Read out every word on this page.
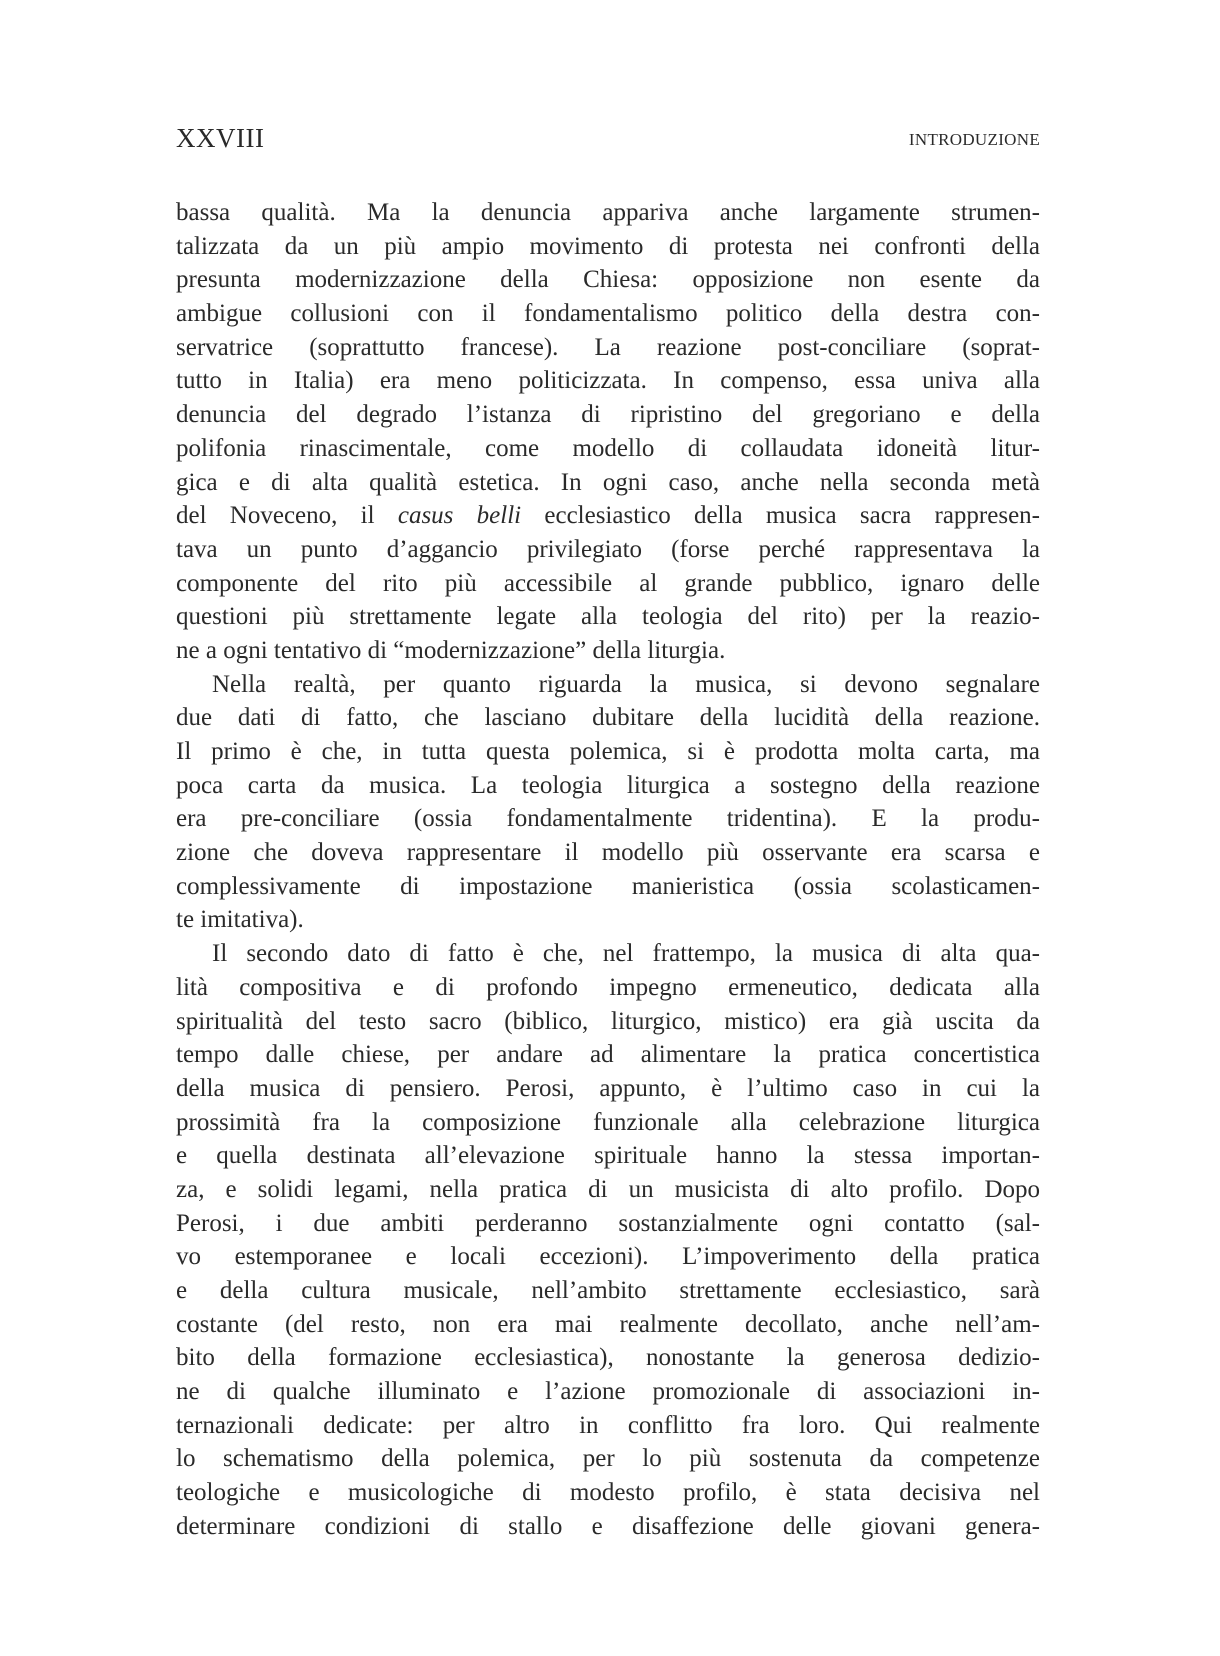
XXVIII	INTRODUZIONE
bassa qualità. Ma la denuncia appariva anche largamente strumen-
talizzata da un più ampio movimento di protesta nei confronti della
presunta modernizzazione della Chiesa: opposizione non esente da
ambigue collusioni con il fondamentalismo politico della destra con-
servatrice (soprattutto francese). La reazione post-conciliare (soprat-
tutto in Italia) era meno politicizzata. In compenso, essa univa alla
denuncia del degrado l’istanza di ripristino del gregoriano e della
polifonia rinascimentale, come modello di collaudata idoneità litur-
gica e di alta qualità estetica. In ogni caso, anche nella seconda metà
del Noveceno, il casus belli ecclesiastico della musica sacra rappresen-
tava un punto d’aggancio privilegiato (forse perché rappresentava la
componente del rito più accessibile al grande pubblico, ignaro delle
questioni più strettamente legate alla teologia del rito) per la reazio-
ne a ogni tentativo di “modernizzazione” della liturgia.
Nella realtà, per quanto riguarda la musica, si devono segnalare
due dati di fatto, che lasciano dubitare della lucidità della reazione.
Il primo è che, in tutta questa polemica, si è prodotta molta carta, ma
poca carta da musica. La teologia liturgica a sostegno della reazione
era pre-conciliare (ossia fondamentalmente tridentina). E la produ-
zione che doveva rappresentare il modello più osservante era scarsa e
complessivamente di impostazione manieristica (ossia scolasticamen-
te imitativa).
Il secondo dato di fatto è che, nel frattempo, la musica di alta qua-
lità compositiva e di profondo impegno ermeneutico, dedicata alla
spiritualità del testo sacro (biblico, liturgico, mistico) era già uscita da
tempo dalle chiese, per andare ad alimentare la pratica concertistica
della musica di pensiero. Perosi, appunto, è l’ultimo caso in cui la
prossimità fra la composizione funzionale alla celebrazione liturgica
e quella destinata all’elevazione spirituale hanno la stessa importan-
za, e solidi legami, nella pratica di un musicista di alto profilo. Dopo
Perosi, i due ambiti perderanno sostanzialmente ogni contatto (sal-
vo estemporanee e locali eccezioni). L’impoverimento della pratica
e della cultura musicale, nell’ambito strettamente ecclesiastico, sarà
costante (del resto, non era mai realmente decollato, anche nell’am-
bito della formazione ecclesiastica), nonostante la generosa dedizio-
ne di qualche illuminato e l’azione promozionale di associazioni in-
ternazionali dedicate: per altro in conflitto fra loro. Qui realmente
lo schematismo della polemica, per lo più sostenuta da competenze
teologiche e musicologiche di modesto profilo, è stata decisiva nel
determinare condizioni di stallo e disaffezione delle giovani genera-
